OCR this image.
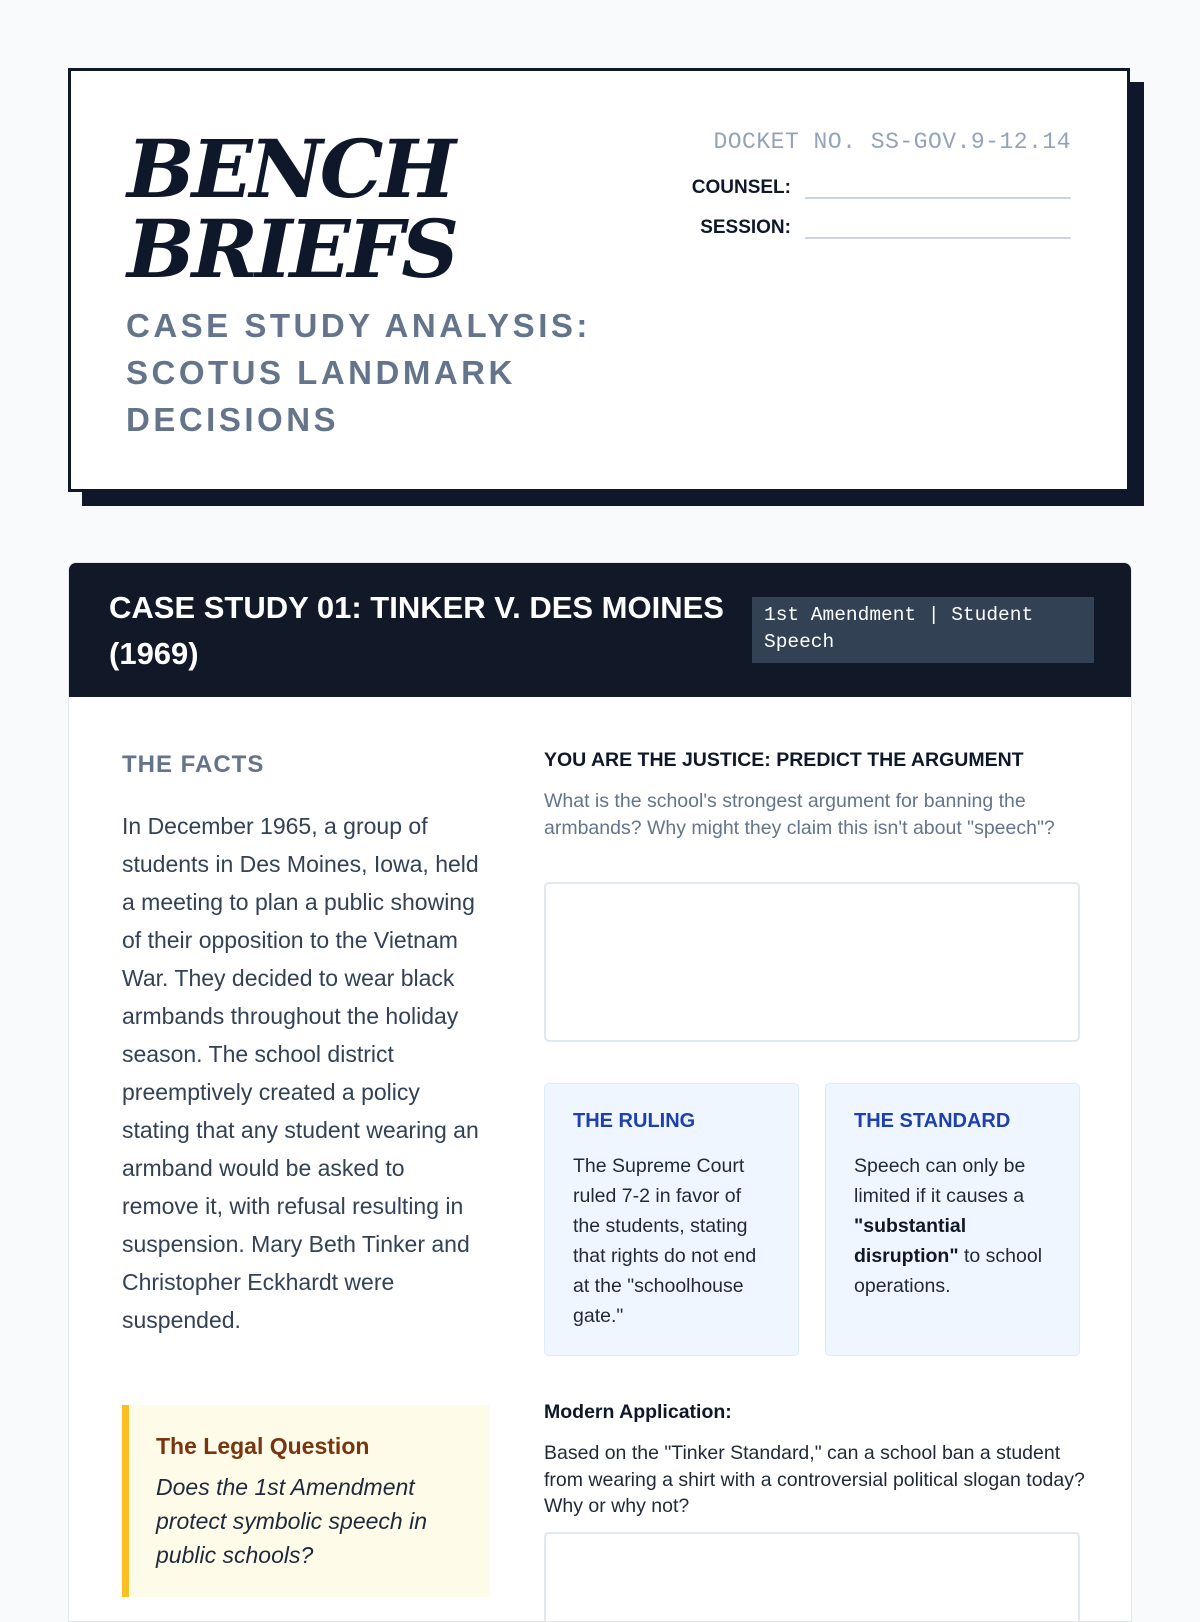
BENCH
BRIEFS
CASE STUDY ANALYSIS: SCOTUS LANDMARK DECISIONS
DOCKET NO. SS-GOV.9-12.14
COUNSEL:
SESSION:
CASE STUDY 01: TINKER V. DES MOINES (1969)
1st Amendment | Student Speech
THE FACTS

In December 1965, a group of students in Des Moines, Iowa, held a meeting to plan a public showing of their opposition to the Vietnam War. They decided to wear black armbands throughout the holiday season. The school district preemptively created a policy stating that any student wearing an armband would be asked to remove it, with refusal resulting in suspension. Mary Beth Tinker and Christopher Eckhardt were suspended.

The Legal Question
Does the 1st Amendment protect symbolic speech in public schools?
YOU ARE THE JUSTICE: PREDICT THE ARGUMENT

What is the school's strongest argument for banning the armbands? Why might they claim this isn't about "speech"?

THE RULING
The Supreme Court ruled 7-2 in favor of the students, stating that rights do not end at the "schoolhouse gate."
THE STANDARD
Speech can only be limited if it causes a "substantial disruption" to school operations.
Modern Application:

Based on the "Tinker Standard," can a school ban a student from wearing a shirt with a controversial political slogan today? Why or why not?
